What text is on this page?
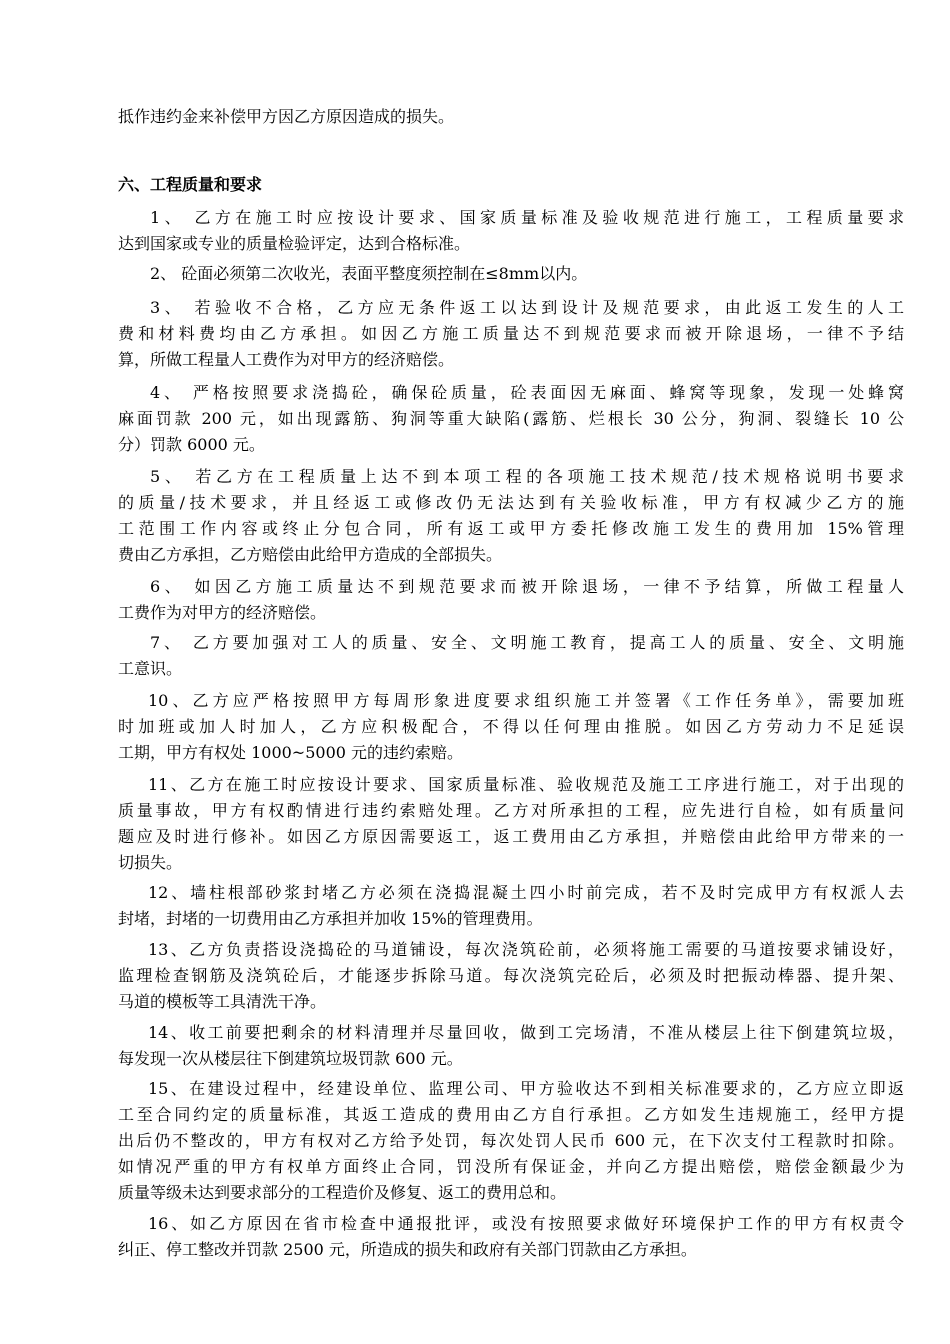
抵作违约金来补偿甲方因乙方原因造成的损失。
六、工程质量和要求
1、 乙方在施工时应按设计要求、国家质量标准及验收规范进行施工，工程质量要求
达到国家或专业的质量检验评定，达到合格标准。
2、 砼面必须第二次收光，表面平整度须控制在≤8mm以内。
3、 若验收不合格，乙方应无条件返工以达到设计及规范要求，由此返工发生的人工
费和材料费均由乙方承担。如因乙方施工质量达不到规范要求而被开除退场，一律不予结
算，所做工程量人工费作为对甲方的经济赔偿。
4、 严格按照要求浇捣砼，确保砼质量，砼表面因无麻面、蜂窝等现象，发现一处蜂窝
麻面罚款 200 元，如出现露筋、狗洞等重大缺陷(露筋、烂根长 30 公分，狗洞、裂缝长 10 公
分）罚款 6000 元。
5、 若乙方在工程质量上达不到本项工程的各项施工技术规范/技术规格说明书要求
的质量/技术要求，并且经返工或修改仍无法达到有关验收标准，甲方有权减少乙方的施
工范围工作内容或终止分包合同，所有返工或甲方委托修改施工发生的费用加 15%管理
费由乙方承担，乙方赔偿由此给甲方造成的全部损失。
6、 如因乙方施工质量达不到规范要求而被开除退场，一律不予结算，所做工程量人
工费作为对甲方的经济赔偿。
7、 乙方要加强对工人的质量、安全、文明施工教育，提高工人的质量、安全、文明施
工意识。
10、乙方应严格按照甲方每周形象进度要求组织施工并签署《工作任务单》，需要加班
时加班或加人时加人，乙方应积极配合，不得以任何理由推脱。如因乙方劳动力不足延误
工期，甲方有权处 1000~5000 元的违约索赔。
11、乙方在施工时应按设计要求、国家质量标准、验收规范及施工工序进行施工，对于出现的
质量事故，甲方有权酌情进行违约索赔处理。乙方对所承担的工程，应先进行自检，如有质量问
题应及时进行修补。如因乙方原因需要返工，返工费用由乙方承担，并赔偿由此给甲方带来的一
切损失。
12、墙柱根部砂浆封堵乙方必须在浇捣混凝土四小时前完成，若不及时完成甲方有权派人去
封堵，封堵的一切费用由乙方承担并加收 15%的管理费用。
13、乙方负责搭设浇捣砼的马道铺设，每次浇筑砼前，必须将施工需要的马道按要求铺设好，
监理检查钢筋及浇筑砼后，才能逐步拆除马道。每次浇筑完砼后，必须及时把振动棒器、提升架、
马道的模板等工具清洗干净。
14、收工前要把剩余的材料清理并尽量回收，做到工完场清，不准从楼层上往下倒建筑垃圾，
每发现一次从楼层往下倒建筑垃圾罚款 600 元。
15、在建设过程中，经建设单位、监理公司、甲方验收达不到相关标准要求的，乙方应立即返
工至合同约定的质量标准，其返工造成的费用由乙方自行承担。乙方如发生违规施工，经甲方提
出后仍不整改的，甲方有权对乙方给予处罚，每次处罚人民币 600 元，在下次支付工程款时扣除。
如情况严重的甲方有权单方面终止合同，罚没所有保证金，并向乙方提出赔偿，赔偿金额最少为
质量等级未达到要求部分的工程造价及修复、返工的费用总和。
16、如乙方原因在省市检查中通报批评，或没有按照要求做好环境保护工作的甲方有权责令
纠正、停工整改并罚款 2500 元，所造成的损失和政府有关部门罚款由乙方承担。
